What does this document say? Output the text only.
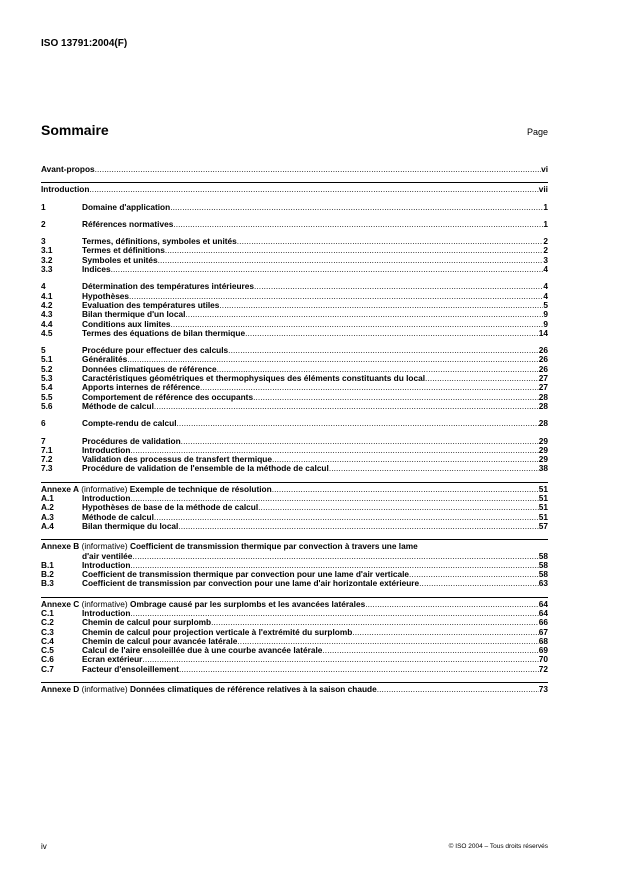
ISO 13791:2004(F)
Sommaire	Page
Avant-propos .....	vi
Introduction .....	vii
1	Domaine d'application .....	1
2	Références normatives .....	1
3	Termes, définitions, symboles et unités .....	2
3.1	Termes et définitions .....	2
3.2	Symboles et unités .....	3
3.3	Indices .....	4
4	Détermination des températures intérieures .....	4
4.1	Hypothèses .....	4
4.2	Evaluation des températures utiles .....	5
4.3	Bilan thermique d'un local .....	9
4.4	Conditions aux limites .....	9
4.5	Termes des équations de bilan thermique .....	14
5	Procédure pour effectuer des calculs .....	26
5.1	Généralités .....	26
5.2	Données climatiques de référence .....	26
5.3	Caractéristiques géométriques et thermophysiques des éléments constituants du local .....	27
5.4	Apports internes de référence .....	27
5.5	Comportement de référence des occupants .....	28
5.6	Méthode de calcul .....	28
6	Compte-rendu de calcul .....	28
7	Procédures de validation .....	29
7.1	Introduction .....	29
7.2	Validation des processus de transfert thermique .....	29
7.3	Procédure de validation de l'ensemble de la méthode de calcul .....	38
Annexe A (informative) Exemple de technique de résolution .....	51
A.1	Introduction .....	51
A.2	Hypothèses de base de la méthode de calcul .....	51
A.3	Méthode de calcul .....	51
A.4	Bilan thermique du local .....	57
Annexe B (informative) Coefficient de transmission thermique par convection à travers une lame
d'air ventilée .....	58
B.1	Introduction .....	58
B.2	Coefficient de transmission thermique par convection pour une lame d'air verticale .....	58
B.3	Coefficient de transmission par convection pour une lame d'air horizontale extérieure .....	63
Annexe C (informative) Ombrage causé par les surplombs et les avancées latérales .....	64
C.1	Introduction .....	64
C.2	Chemin de calcul pour surplomb .....	66
C.3	Chemin de calcul pour projection verticale à l'extrémité du surplomb .....	67
C.4	Chemin de calcul pour avancée latérale .....	68
C.5	Calcul de l'aire ensoleillée due à une courbe avancée latérale .....	69
C.6	Ecran extérieur .....	70
C.7	Facteur d'ensoleillement .....	72
Annexe D (informative) Données climatiques de référence relatives à la saison chaude .....	73
iv	© ISO 2004 – Tous droits réservés
